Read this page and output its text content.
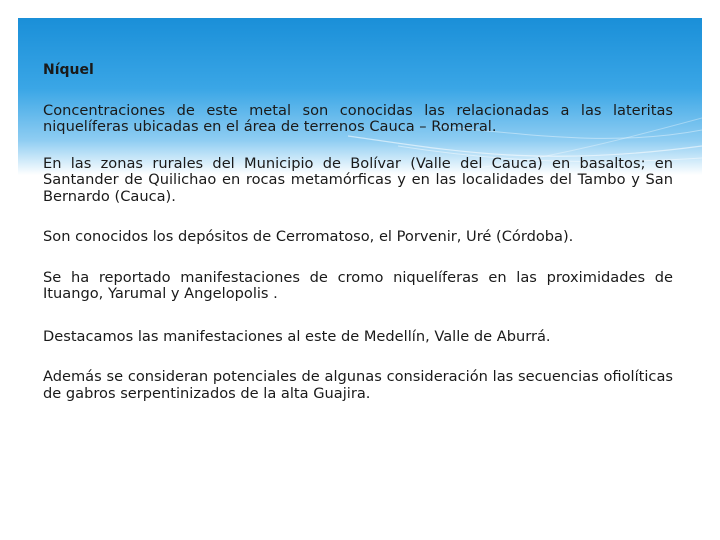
Níquel

Concentraciones de este metal son conocidas las relacionadas a las lateritas niquelíferas ubicadas en el área de terrenos Cauca – Romeral.

En las zonas rurales del Municipio de Bolívar (Valle del Cauca) en basaltos; en Santander de Quilichao en rocas metamórficas y en las localidades del Tambo y San Bernardo (Cauca).

Son conocidos los depósitos de Cerromatoso, el Porvenir, Uré (Córdoba).

Se ha reportado manifestaciones de cromo niquelíferas en las proximidades de Ituango, Yarumal y Angelopolis .

Destacamos las manifestaciones al este de Medellín, Valle de Aburrá.

Además se consideran potenciales de algunas consideración las secuencias ofiolíticas de gabros serpentinizados de la alta Guajira.
